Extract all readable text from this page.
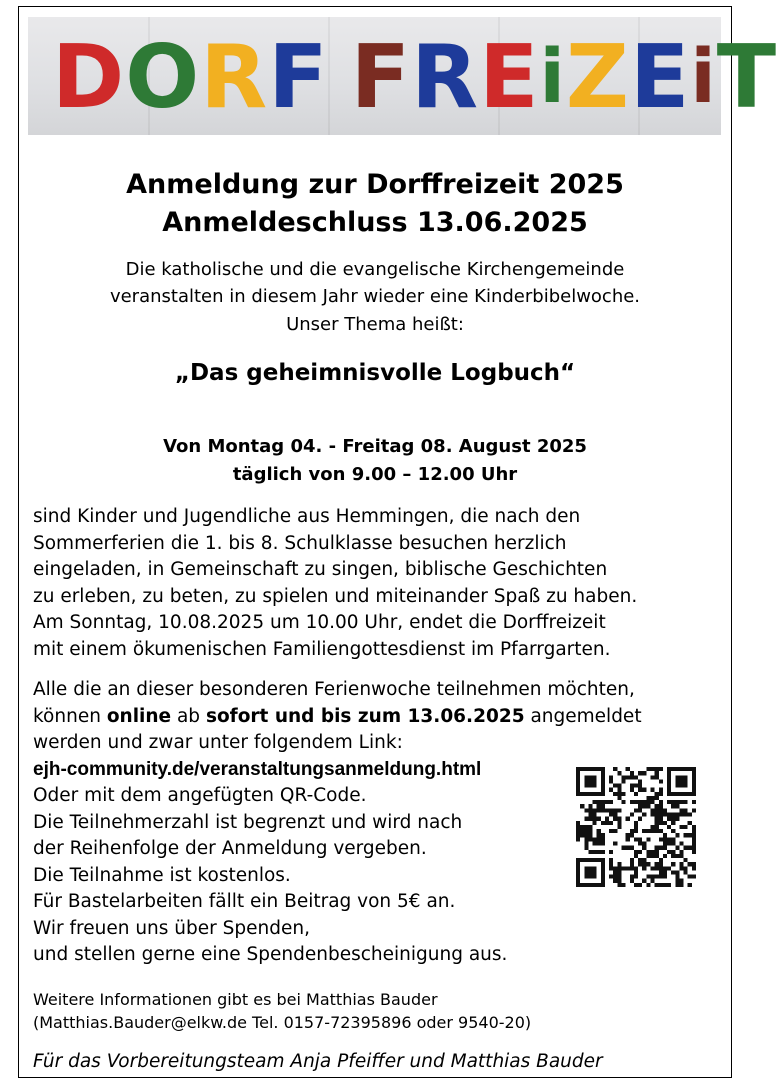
D O R F F R E i Z E i T
Anmeldung zur Dorffreizeit 2025
Anmeldeschluss 13.06.2025
Die katholische und die evangelische Kirchengemeinde
veranstalten in diesem Jahr wieder eine Kinderbibelwoche.
Unser Thema heißt:
„Das geheimnisvolle Logbuch“
Von Montag 04. - Freitag 08. August 2025
täglich von 9.00 – 12.00 Uhr
sind Kinder und Jugendliche aus Hemmingen, die nach den
Sommerferien die 1. bis 8. Schulklasse besuchen herzlich
eingeladen, in Gemeinschaft zu singen, biblische Geschichten
zu erleben, zu beten, zu spielen und miteinander Spaß zu haben.
Am Sonntag, 10.08.2025 um 10.00 Uhr, endet die Dorffreizeit
mit einem ökumenischen Familiengottesdienst im Pfarrgarten.
Alle die an dieser besonderen Ferienwoche teilnehmen möchten,
können online ab sofort und bis zum 13.06.2025 angemeldet
werden und zwar unter folgendem Link:
ejh-community.de/veranstaltungsanmeldung.html
Oder mit dem angefügten QR-Code.
Die Teilnehmerzahl ist begrenzt und wird nach
der Reihenfolge der Anmeldung vergeben.
Die Teilnahme ist kostenlos.
Für Bastelarbeiten fällt ein Beitrag von 5€ an.
Wir freuen uns über Spenden,
und stellen gerne eine Spendenbescheinigung aus.
Weitere Informationen gibt es bei Matthias Bauder
(Matthias.Bauder@elkw.de Tel. 0157-72395896 oder 9540-20)
Für das Vorbereitungsteam Anja Pfeiffer und Matthias Bauder
